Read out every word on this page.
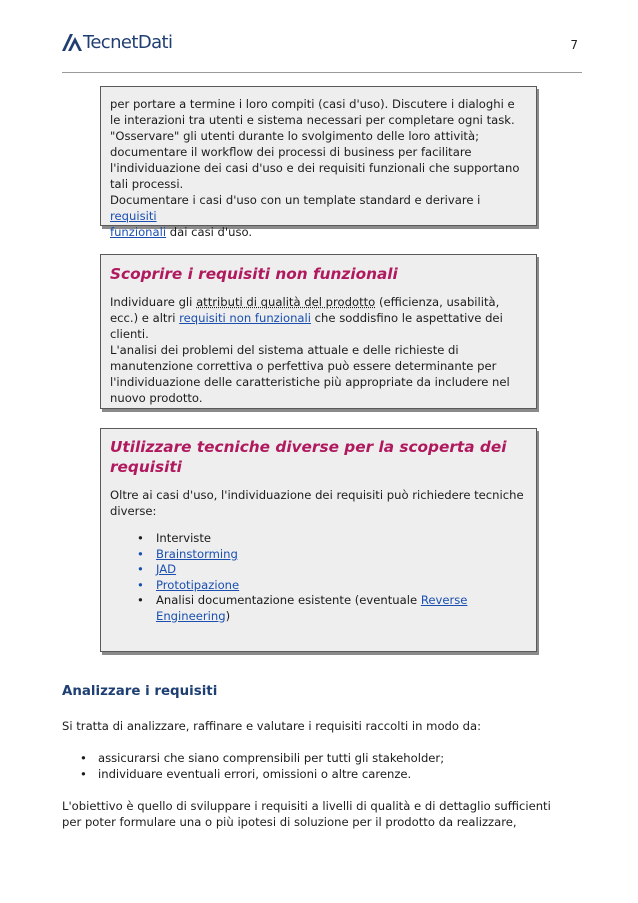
TecnetDati	7

per portare a termine i loro compiti (casi d'uso). Discutere i dialoghi e

le interazioni tra utenti e sistema necessari per completare ogni task.

"Osservare" gli utenti durante lo svolgimento delle loro attività;

documentare il workflow dei processi di business per facilitare

l'individuazione dei casi d'uso e dei requisiti funzionali che supportano

tali processi.

Documentare i casi d'uso con un template standard e derivare i requisiti

funzionali dai casi d'uso.

Scoprire i requisiti non funzionali

Individuare gli attributi di qualità del prodotto (efficienza, usabilità,

ecc.) e altri requisiti non funzionali che soddisfino le aspettative dei

clienti.

L'analisi dei problemi del sistema attuale e delle richieste di

manutenzione correttiva o perfettiva può essere determinante per

l'individuazione delle caratteristiche più appropriate da includere nel

nuovo prodotto.

Utilizzare tecniche diverse per la scoperta dei
requisiti

Oltre ai casi d'uso, l'individuazione dei requisiti può richiedere tecniche

diverse:

• Interviste
• Brainstorming
• JAD
• Prototipazione
• Analisi documentazione esistente (eventuale Reverse
Engineering)
Analizzare i requisiti

Si tratta di analizzare, raffinare e valutare i requisiti raccolti in modo da:

• assicurarsi che siano comprensibili per tutti gli stakeholder;
• individuare eventuali errori, omissioni o altre carenze.

L'obiettivo è quello di sviluppare i requisiti a livelli di qualità e di dettaglio sufficienti

per poter formulare una o più ipotesi di soluzione per il prodotto da realizzare,
